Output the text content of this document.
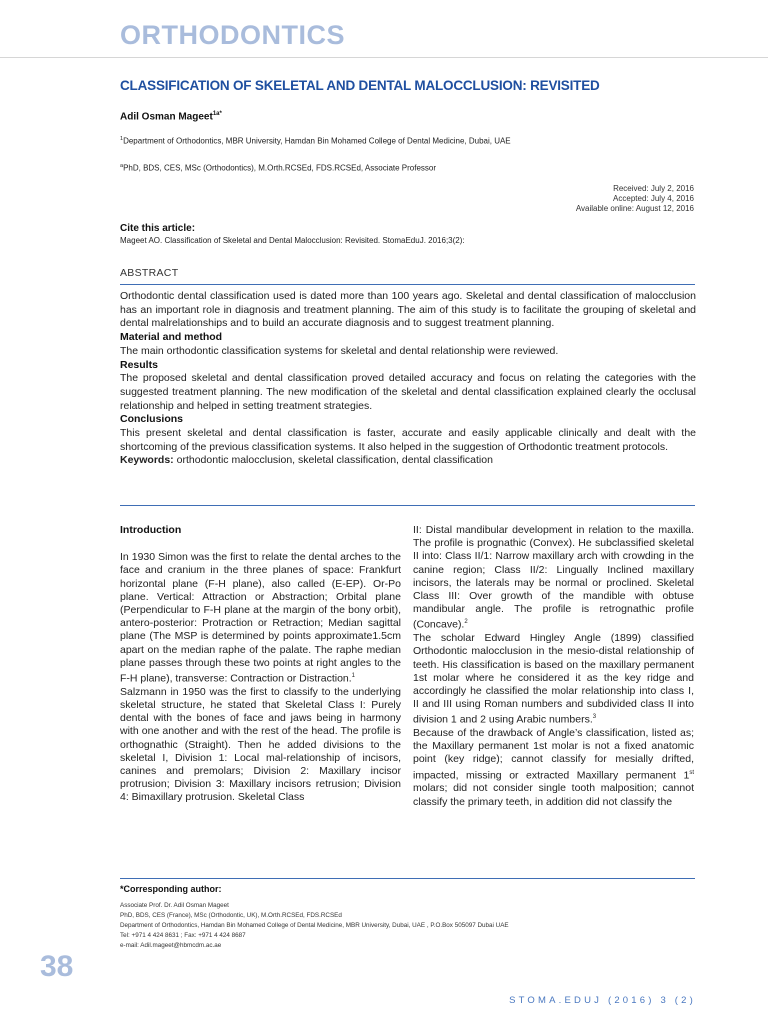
ORTHODONTICS
CLASSIFICATION OF SKELETAL AND DENTAL MALOCCLUSION: REVISITED
Adil Osman Mageet$^{1a*}$
$^1$Department of Orthodontics, MBR University, Hamdan Bin Mohamed College of Dental Medicine, Dubai, UAE
$^a$PhD, BDS, CES, MSc (Orthodontics), M.Orth.RCSEd, FDS.RCSEd, Associate Professor
Received: July 2, 2016
Accepted: July 4, 2016
Available online: August 12, 2016
Cite this article:
Mageet AO. Classification of Skeletal and Dental Malocclusion: Revisited. StomaEduJ. 2016;3(2):
ABSTRACT

Orthodontic dental classification used is dated more than 100 years ago. Skeletal and dental classification of malocclusion has an important role in diagnosis and treatment planning. The aim of this study is to facilitate the grouping of skeletal and dental malrelationships and to build an accurate diagnosis and to suggest treatment planning.

Material and method

The main orthodontic classification systems for skeletal and dental relationship were reviewed.

Results

The proposed skeletal and dental classification proved detailed accuracy and focus on relating the categories with the suggested treatment planning. The new modification of the skeletal and dental classification explained clearly the occlusal relationship and helped in setting treatment strategies.

Conclusions

This present skeletal and dental classification is faster, accurate and easily applicable clinically and dealt with the shortcoming of the previous classification systems. It also helped in the suggestion of Orthodontic treatment protocols.

Keywords: orthodontic malocclusion, skeletal classification, dental classification

Introduction

In 1930 Simon was the first to relate the dental arches to the face and cranium in the three planes of space: Frankfurt horizontal plane (F-H plane), also called (E-EP). Or-Po plane. Vertical: Attraction or Abstraction; Orbital plane (Perpendicular to F-H plane at the margin of the bony orbit), antero-posterior: Protraction or Retraction; Median sagittal plane (The MSP is determined by points approximate1.5cm apart on the median raphe of the palate. The raphe median plane passes through these two points at right angles to the F-H plane), transverse: Contraction or Distraction.$^1$

Salzmann in 1950 was the first to classify to the underlying skeletal structure, he stated that Skeletal Class I: Purely dental with the bones of face and jaws being in harmony with one another and with the rest of the head. The profile is orthognathic (Straight). Then he added divisions to the skeletal I, Division 1: Local mal-relationship of incisors, canines and premolars; Division 2: Maxillary incisor protrusion; Division 3: Maxillary incisors retrusion; Division 4: Bimaxillary protrusion. Skeletal Class

II: Distal mandibular development in relation to the maxilla. The profile is prognathic (Convex). He subclassified skeletal II into: Class II/1: Narrow maxillary arch with crowding in the canine region; Class II/2: Lingually Inclined maxillary incisors, the laterals may be normal or proclined. Skeletal Class III: Over growth of the mandible with obtuse mandibular angle. The profile is retrognathic profile (Concave).$^2$

The scholar Edward Hingley Angle (1899) classified Orthodontic malocclusion in the mesio-distal relationship of teeth. His classification is based on the maxillary permanent 1st molar where he considered it as the key ridge and accordingly he classified the molar relationship into class I, II and III using Roman numbers and subdivided class II into division 1 and 2 using Arabic numbers.$^3$

Because of the drawback of Angle’s classification, listed as; the Maxillary permanent 1st molar is not a fixed anatomic point (key ridge); cannot classify for mesially drifted, impacted, missing or extracted Maxillary permanent 1st molars; did not consider single tooth malposition; cannot classify the primary teeth, in addition did not classify the

*Corresponding author:
Associate Prof. Dr. Adil Osman Mageet
PhD, BDS, CES (France), MSc (Orthodontic, UK), M.Orth.RCSEd, FDS.RCSEd
Department of Orthodontics, Hamdan Bin Mohamed College of Dental Medicine, MBR University, Dubai, UAE , P.O.Box 505097 Dubai UAE
Tel: +971 4 424 8631 ; Fax: +971 4 424 8687
e-mail: Adil.mageet@hbmcdm.ac.ae
38
STOMA.EDUJ (2016) 3 (2)
